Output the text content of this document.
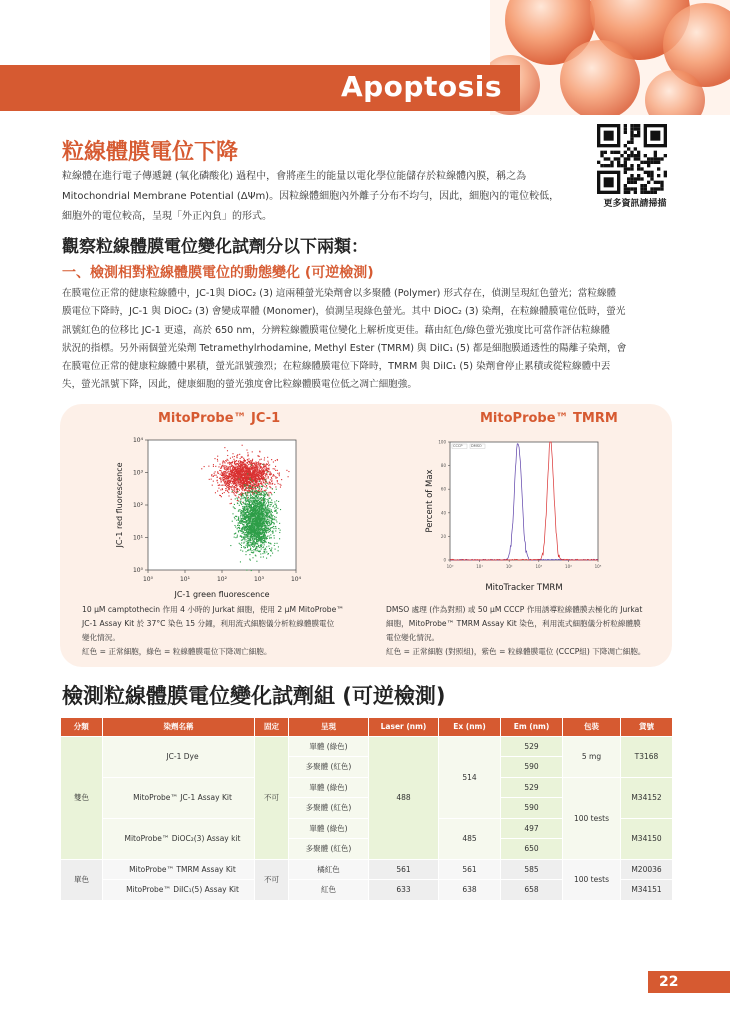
Apoptosis
更多資訊請掃描
粒線體膜電位下降

粒線體在進行電子傳遞鏈 (氧化磷酸化) 過程中，會將產生的能量以電化學位能儲存於粒線體內膜，稱之為

Mitochondrial Membrane Potential (ΔΨm)。因粒線體細胞內外離子分布不均勻，因此，細胞內的電位較低，

細胞外的電位較高，呈現「外正內負」的形式。

觀察粒線體膜電位變化試劑分以下兩類：
一、檢測相對粒線體膜電位的動態變化 (可逆檢測)

在膜電位正常的健康粒線體中，JC-1與 DiOC₂ (3) 這兩種螢光染劑會以多聚體 (Polymer) 形式存在，偵測呈現紅色螢光；當粒線體

膜電位下降時，JC-1 與 DiOC₂ (3) 會變成單體 (Monomer)，偵測呈現綠色螢光。其中 DiOC₂ (3) 染劑，在粒線體膜電位低時，螢光

訊號紅色的位移比 JC-1 更遠，高於 650 nm，分辨粒線體膜電位變化上解析度更佳。藉由紅色/綠色螢光強度比可當作評估粒線體

狀況的指標。另外兩個螢光染劑 Tetramethylrhodamine, Methyl Ester (TMRM) 與 DiIC₁ (5) 都是細胞膜通透性的陽離子染劑，會

在膜電位正常的健康粒線體中累積，螢光訊號強烈；在粒線體膜電位下降時，TMRM 與 DiIC₁ (5) 染劑會停止累積或從粒線體中丟

失，螢光訊號下降，因此，健康細胞的螢光強度會比粒線體膜電位低之凋亡細胞強。

MitoProbe™ JC-1	MitoProbe™ TMRM
10⁰	10¹	10²	10³	10⁴
10⁰
10¹
10²
10³
10⁴
JC-1 green fluorescence
JC-1 red fluorescence
0
20
40
60
80
100
10⁰	10¹	10²	10³	10⁴	10⁵
MitoTracker TMRM
Percent of Max
CCCP DMSO

10 μM camptothecin 作用 4 小時的 Jurkat 細胞，使用 2 μM MitoProbe™

JC-1 Assay Kit 於 37°C 染色 15 分鐘，利用流式細胞儀分析粒線體膜電位

變化情況。

紅色 = 正常細胞，綠色 = 粒線體膜電位下降凋亡細胞。

DMSO 處理 (作為對照) 或 50 μM CCCP 作用誘導粒線體膜去極化的 Jurkat

細胞，MitoProbe™ TMRM Assay Kit 染色，利用流式細胞儀分析粒線體膜

電位變化情況。

紅色 = 正常細胞 (對照組)，紫色 = 粒線體膜電位 (CCCP組) 下降凋亡細胞。

檢測粒線體膜電位變化試劑組 (可逆檢測)
分類	染劑名稱	固定	呈現	Laser (nm)	Ex (nm)	Em (nm)	包裝	貨號
雙色	JC-1 Dye	不可	單體 (綠色)	488	514	529	5 mg	T3168
			多聚體 (紅色)			590		
	MitoProbe™ JC-1 Assay Kit		單體 (綠色)			529	100 tests	M34152
			多聚體 (紅色)			590		
	MitoProbe™ DiOC₂(3) Assay kit		單體 (綠色)		485	497		M34150
			多聚體 (紅色)			650		
單色	MitoProbe™ TMRM Assay Kit	不可	橘紅色	561	561	585	100 tests	M20036
	MitoProbe™ DiIC₁(5) Assay Kit		紅色	633	638	658		M34151
22
